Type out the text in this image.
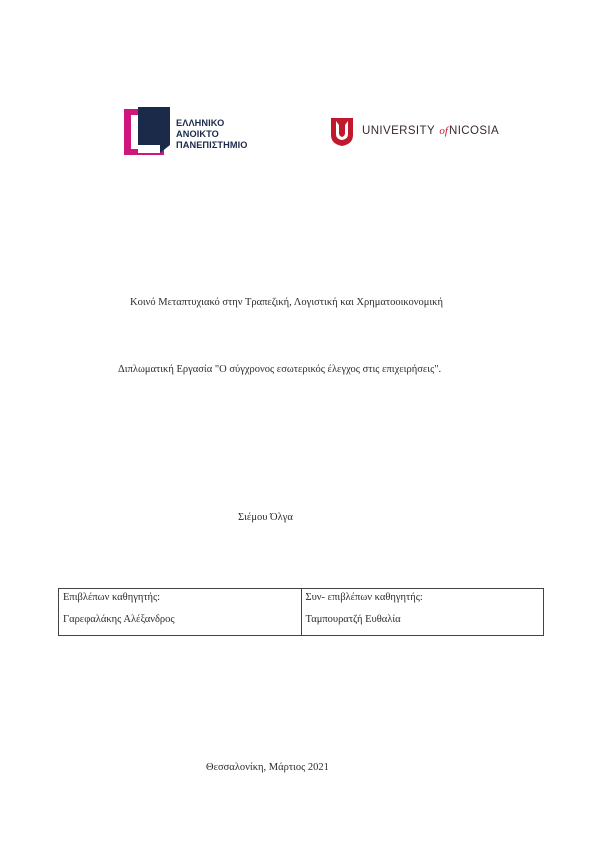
ΕΛΛΗΝΙΚΟ
ΑΝΟΙΚΤΟ
ΠΑΝΕΠΙΣΤΗΜΙΟ
UNIVERSITY ofNICOSIA
Κοινό Μεταπτυχιακό στην Τραπεζική, Λογιστική και Χρηματοοικονομική
Διπλωματική Εργασία "Ο σύγχρονος εσωτερικός έλεγχος στις επιχειρήσεις".
Σιέμου Όλγα
Επιβλέπων καθηγητής:
Γαρεφαλάκης Αλέξανδρος

Συν- επιβλέπων καθηγητής:
Ταμπουρατζή Ευθαλία
Θεσσαλονίκη, Μάρτιος 2021
